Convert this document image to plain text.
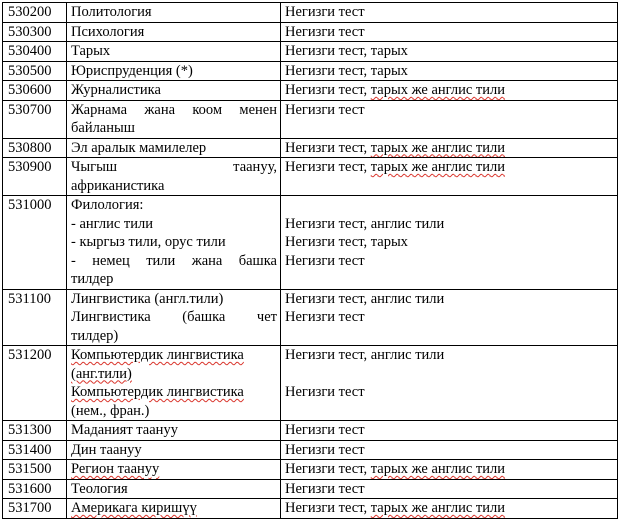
530200	Политология	Негизги тест

530300	Психология	Негизги тест

530400	Тарых	Негизги тест, тарых

530500	Юриспруденция (*)	Негизги тест, тарых

530600	Журналистика	Негизги тест, тарых же англис тили

530700	Жарнама жана коом менен
байланыш	Негизги тест

530800	Эл аралык мамилелер	Негизги тест, тарых же англис тили

530900	Чыгыш таануу,
африканистика	Негизги тест, тарых же англис тили

531000	Филология:
- англис тили
- кыргыз тили, орус тили
- немец тили жана башка
тилдер	Негизги тест, англис тили
Негизги тест, тарых
Негизги тест

531100	Лингвистика (англ.тили)
Лингвистика (башка чет
тилдер)	Негизги тест, англис тили
Негизги тест

531200	Компьютердик лингвистика
(анг.тили)
Компьютердик лингвистика
(нем., фран.)	Негизги тест, англис тили
Негизги тест

531300	Маданият таануу	Негизги тест

531400	Дин таануу	Негизги тест

531500	Регион таануу	Негизги тест, тарых же англис тили

531600	Теология	Негизги тест

531700	Америкага киришүү	Негизги тест, тарых же англис тили
